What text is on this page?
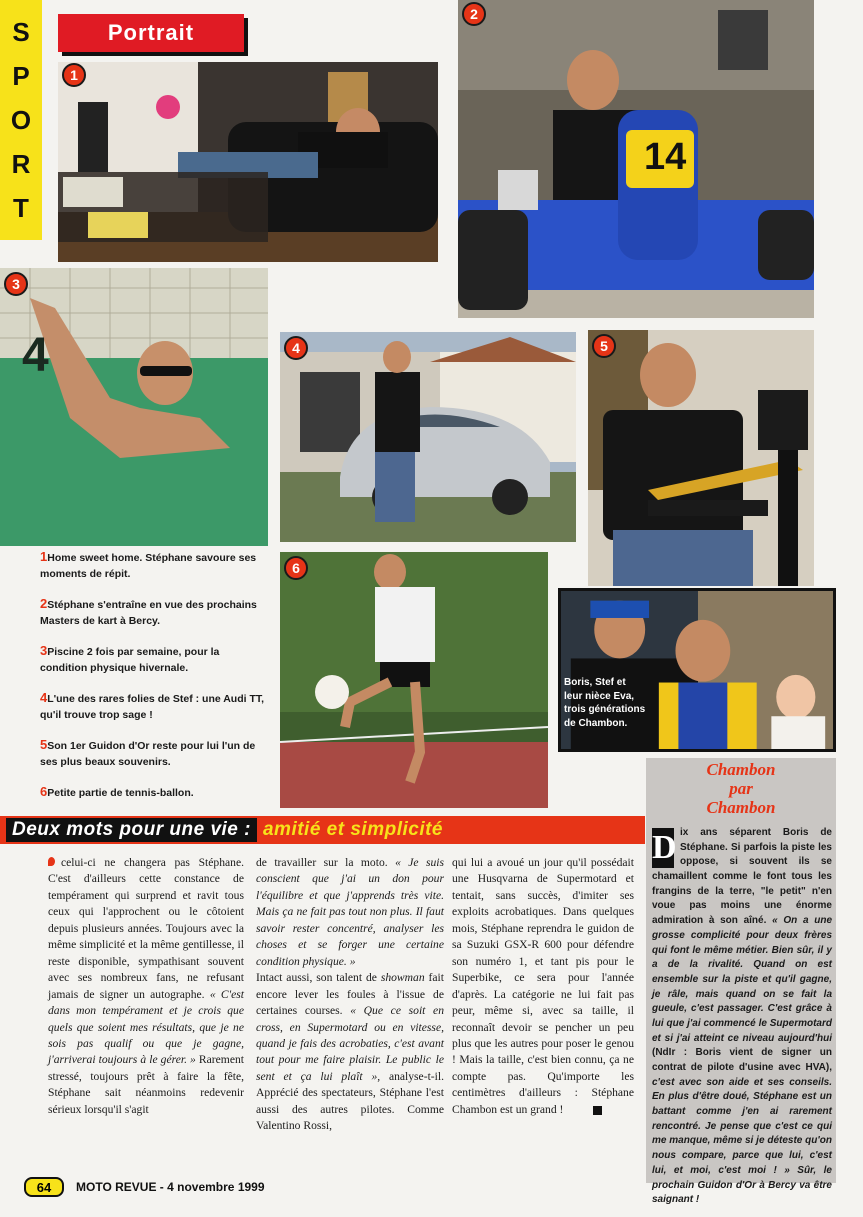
S
P
O
R
T
Portrait
1
14
2
4
3
4	5
6
Boris, Stef et leur nièce Eva, trois générations de Chambon.
1Home sweet home. Stéphane savoure ses moments de répit.
2Stéphane s'entraîne en vue des prochains Masters de kart à Bercy.
3Piscine 2 fois par semaine, pour la condition physique hivernale.
4L'une des rares folies de Stef : une Audi TT, qu'il trouve trop sage !
5Son 1er Guidon d'Or reste pour lui l'un de ses plus beaux souvenirs.
6Petite partie de tennis-ballon.
Deux mots pour une vie : amitié et simplicité

celui-ci ne changera pas Stéphane. C'est d'ailleurs cette constance de tempérament qui surprend et ravit tous ceux qui l'approchent ou le côtoient depuis plusieurs années. Toujours avec la même simplicité et la même gentillesse, il reste disponible, sympathisant souvent avec ses nombreux fans, ne refusant jamais de signer un autographe. « C'est dans mon tempérament et je crois que quels que soient mes résultats, que je ne sois pas qualif ou que je gagne, j'arriverai toujours à le gérer. » Rarement stressé, toujours prêt à faire la fête, Stéphane sait néanmoins redevenir sérieux lorsqu'il s'agit

de travailler sur la moto. « Je suis conscient que j'ai un don pour l'équilibre et que j'apprends très vite. Mais ça ne fait pas tout non plus. Il faut savoir rester concentré, analyser les choses et se forger une certaine condition physique. »

Intact aussi, son talent de showman fait encore lever les foules à l'issue de certaines courses. « Que ce soit en cross, en Supermotard ou en vitesse, quand je fais des acrobaties, c'est avant tout pour me faire plaisir. Le public le sent et ça lui plaît », analyse-t-il. Apprécié des spectateurs, Stéphane l'est aussi des autres pilotes. Comme Valentino Rossi,

qui lui a avoué un jour qu'il possédait une Husqvarna de Supermotard et tentait, sans succès, d'imiter ses exploits acrobatiques. Dans quelques mois, Stéphane reprendra le guidon de sa Suzuki GSX-R 600 pour défendre son numéro 1, et tant pis pour le Superbike, ce sera pour l'année d'après. La catégorie ne lui fait pas peur, même si, avec sa taille, il reconnaît devoir se pencher un peu plus que les autres pour poser le genou ! Mais la taille, c'est bien connu, ça ne compte pas. Qu'importe les centimètres d'ailleurs : Stéphane Chambon est un grand !

Chambon
par
Chambon
D ix ans séparent Boris de Stéphane. Si parfois la piste les oppose, si souvent ils se chamaillent comme le font tous les frangins de la terre, "le petit" n'en voue pas moins une énorme admiration à son aîné. « On a une grosse complicité pour deux frères qui font le même métier. Bien sûr, il y a de la rivalité. Quand on est ensemble sur la piste et qu'il gagne, je râle, mais quand on se fait la gueule, c'est passager. C'est grâce à lui que j'ai commencé le Supermotard et si j'ai atteint ce niveau aujourd'hui (NdIr : Boris vient de signer un contrat de pilote d'usine avec HVA), c'est avec son aide et ses conseils. En plus d'être doué, Stéphane est un battant comme j'en ai rarement rencontré. Je pense que c'est ce qui me manque, même si je déteste qu'on nous compare, parce que lui, c'est lui, et moi, c'est moi ! » Sûr, le prochain Guidon d'Or à Bercy va être saignant !
64	MOTO REVUE - 4 novembre 1999
